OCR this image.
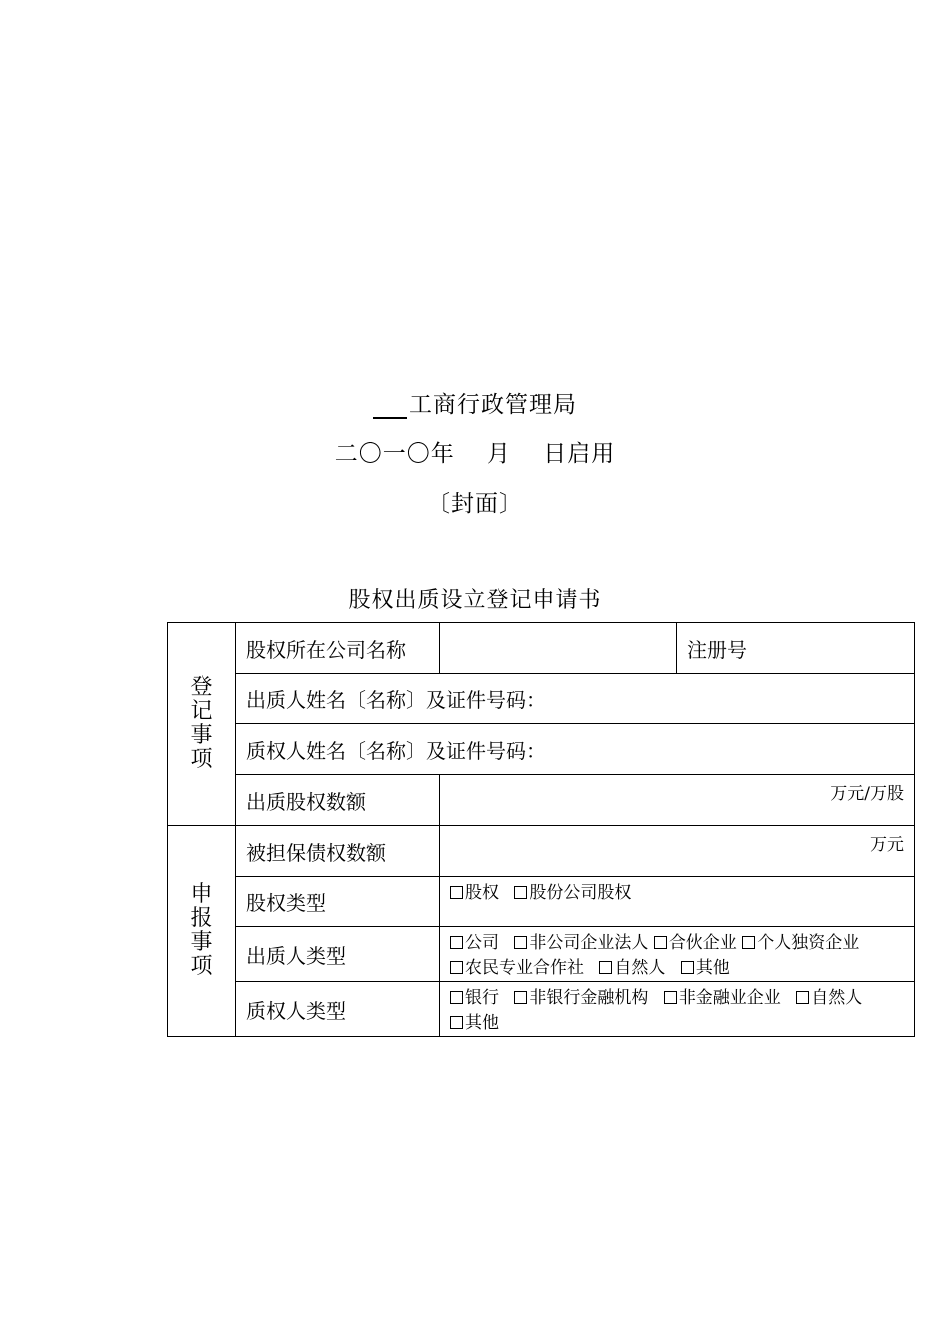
工商行政管理局
二〇一〇年　 月　 日启用
〔封面〕
股权出质设立登记申请书
登
记
事
项	股权所在公司名称		注册号
	出质人姓名〔名称〕及证件号码：		
	质权人姓名〔名称〕及证件号码：		
	出质股权数额	万元/万股	

申
报
事
项	被担保债权数额	万元	
	股权类型	股权 股份公司股权	
	出质人类型	公司 非公司企业法人 合伙企业 个人独资企业
农民专业合作社 自然人 其他	
	质权人类型	银行 非银行金融机构 非金融业企业 自然人
其他	
